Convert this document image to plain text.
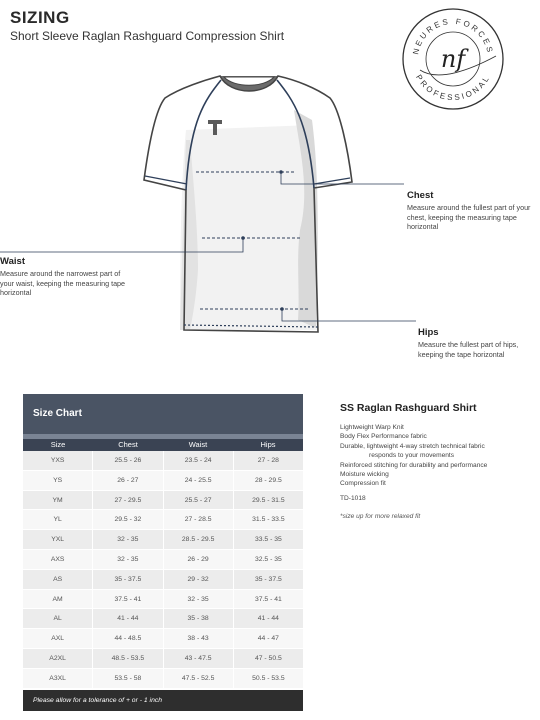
SIZING
Short Sleeve Raglan Rashguard Compression Shirt
NEURES FORCES
PROFESSIONAL
nf
Chest
Measure around the fullest part of your chest, keeping the measuring tape horizontal
Waist
Measure around the narrowest part of your waist, keeping the measuring tape horizontal
Hips
Measure the fullest part of hips, keeping the tape horizontal
Size Chart
Size	Chest	Waist	Hips
YXS	25.5 - 26	23.5 - 24	27 - 28
YS	26 - 27	24 - 25.5	28 - 29.5
YM	27 - 29.5	25.5 - 27	29.5 - 31.5
YL	29.5 - 32	27 - 28.5	31.5 - 33.5
YXL	32 - 35	28.5 - 29.5	33.5 - 35
AXS	32 - 35	26 - 29	32.5 - 35
AS	35 - 37.5	29 - 32	35 - 37.5
AM	37.5 - 41	32 - 35	37.5 - 41
AL	41 - 44	35 - 38	41 - 44
AXL	44 - 48.5	38 - 43	44 - 47
A2XL	48.5 - 53.5	43 - 47.5	47 - 50.5
A3XL	53.5 - 58	47.5 - 52.5	50.5 - 53.5
Please allow for a tolerance of + or - 1 inch
SS Raglan Rashguard Shirt
Lightweight Warp Knit
Body Flex Performance fabric
Durable, lightweight 4-way stretch technical fabric
responds to your movements
Reinforced stitching for durability and performance
Moisture wicking
Compression fit
TD-1018
*size up for more relaxed fit
